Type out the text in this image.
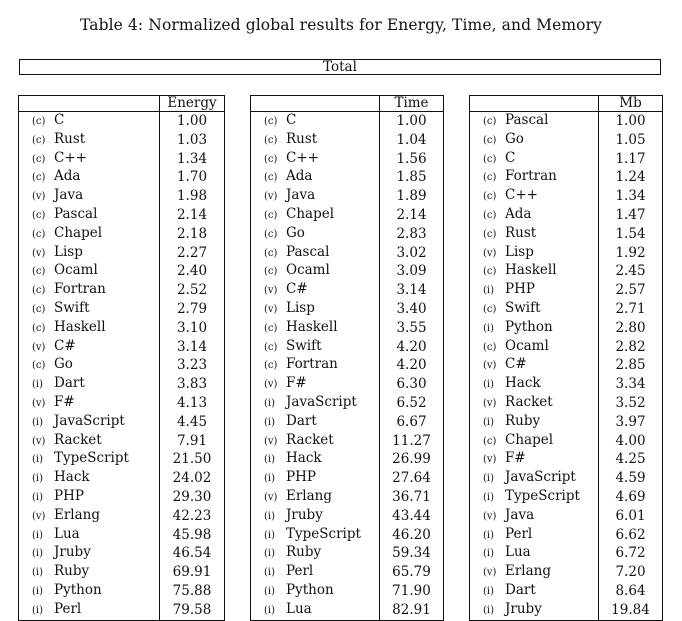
Table 4: Normalized global results for Energy, Time, and Memory
Total
	Energy
(c) C	1.00
(c) Rust	1.03
(c) C++	1.34
(c) Ada	1.70
(v) Java	1.98
(c) Pascal	2.14
(c) Chapel	2.18
(v) Lisp	2.27
(c) Ocaml	2.40
(c) Fortran	2.52
(c) Swift	2.79
(c) Haskell	3.10
(v) C#	3.14
(c) Go	3.23
(i) Dart	3.83
(v) F#	4.13
(i) JavaScript	4.45
(v) Racket	7.91
(i) TypeScript	21.50
(i) Hack	24.02
(i) PHP	29.30
(v) Erlang	42.23
(i) Lua	45.98
(i) Jruby	46.54
(i) Ruby	69.91
(i) Python	75.88
(i) Perl	79.58
	Time
(c) C	1.00
(c) Rust	1.04
(c) C++	1.56
(c) Ada	1.85
(v) Java	1.89
(c) Chapel	2.14
(c) Go	2.83
(c) Pascal	3.02
(c) Ocaml	3.09
(v) C#	3.14
(v) Lisp	3.40
(c) Haskell	3.55
(c) Swift	4.20
(c) Fortran	4.20
(v) F#	6.30
(i) JavaScript	6.52
(i) Dart	6.67
(v) Racket	11.27
(i) Hack	26.99
(i) PHP	27.64
(v) Erlang	36.71
(i) Jruby	43.44
(i) TypeScript	46.20
(i) Ruby	59.34
(i) Perl	65.79
(i) Python	71.90
(i) Lua	82.91
	Mb
(c) Pascal	1.00
(c) Go	1.05
(c) C	1.17
(c) Fortran	1.24
(c) C++	1.34
(c) Ada	1.47
(c) Rust	1.54
(v) Lisp	1.92
(c) Haskell	2.45
(i) PHP	2.57
(c) Swift	2.71
(i) Python	2.80
(c) Ocaml	2.82
(v) C#	2.85
(i) Hack	3.34
(v) Racket	3.52
(i) Ruby	3.97
(c) Chapel	4.00
(v) F#	4.25
(i) JavaScript	4.59
(i) TypeScript	4.69
(v) Java	6.01
(i) Perl	6.62
(i) Lua	6.72
(v) Erlang	7.20
(i) Dart	8.64
(i) Jruby	19.84
